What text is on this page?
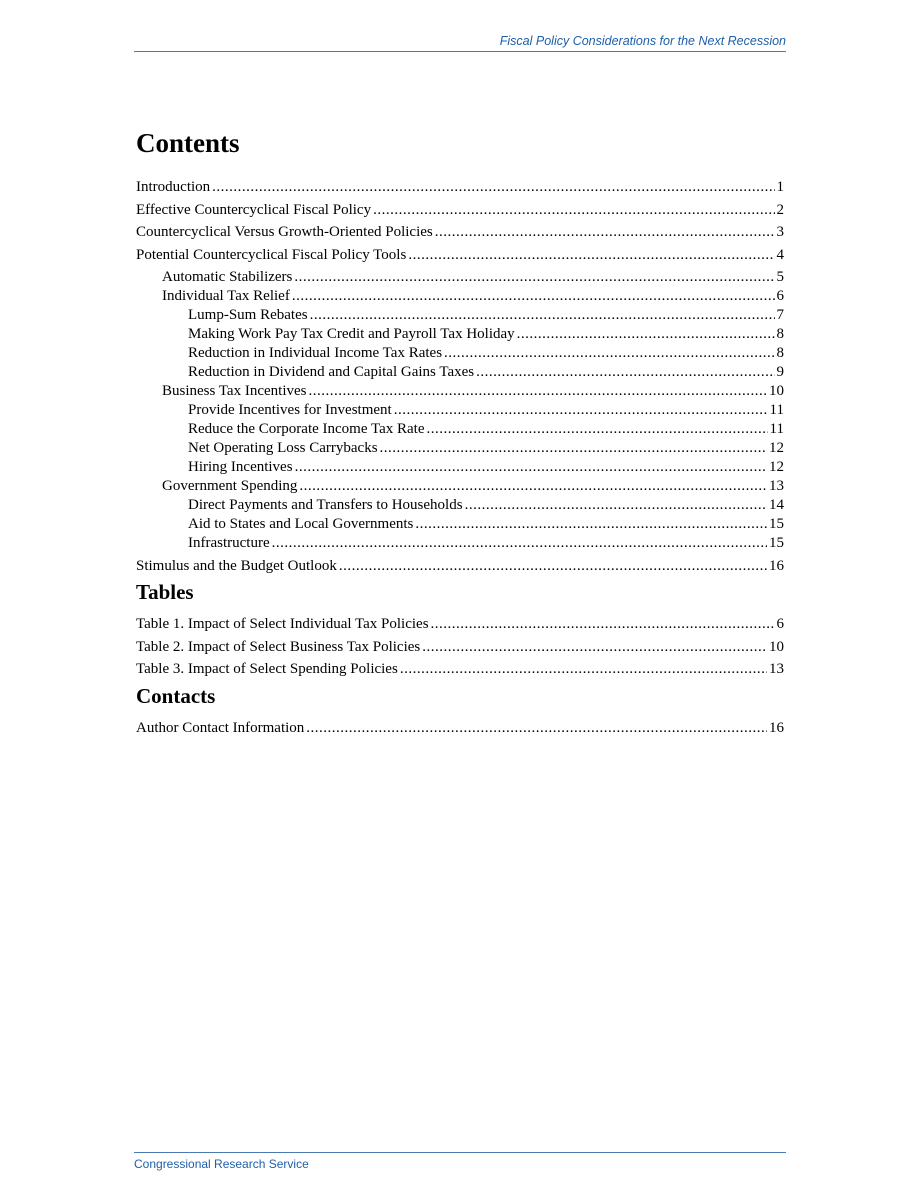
Fiscal Policy Considerations for the Next Recession
Contents
Introduction .....	1
Effective Countercyclical Fiscal Policy .....	2
Countercyclical Versus Growth-Oriented Policies .....	3
Potential Countercyclical Fiscal Policy Tools .....	4
Automatic Stabilizers .....	5
Individual Tax Relief .....	6
Lump-Sum Rebates .....	7
Making Work Pay Tax Credit and Payroll Tax Holiday .....	8
Reduction in Individual Income Tax Rates .....	8
Reduction in Dividend and Capital Gains Taxes .....	9
Business Tax Incentives .....	10
Provide Incentives for Investment .....	11
Reduce the Corporate Income Tax Rate .....	11
Net Operating Loss Carrybacks .....	12
Hiring Incentives .....	12
Government Spending .....	13
Direct Payments and Transfers to Households .....	14
Aid to States and Local Governments .....	15
Infrastructure .....	15
Stimulus and the Budget Outlook .....	16
Tables
Table 1. Impact of Select Individual Tax Policies .....	6
Table 2. Impact of Select Business Tax Policies .....	10
Table 3. Impact of Select Spending Policies .....	13
Contacts
Author Contact Information .....	16
Congressional Research Service
